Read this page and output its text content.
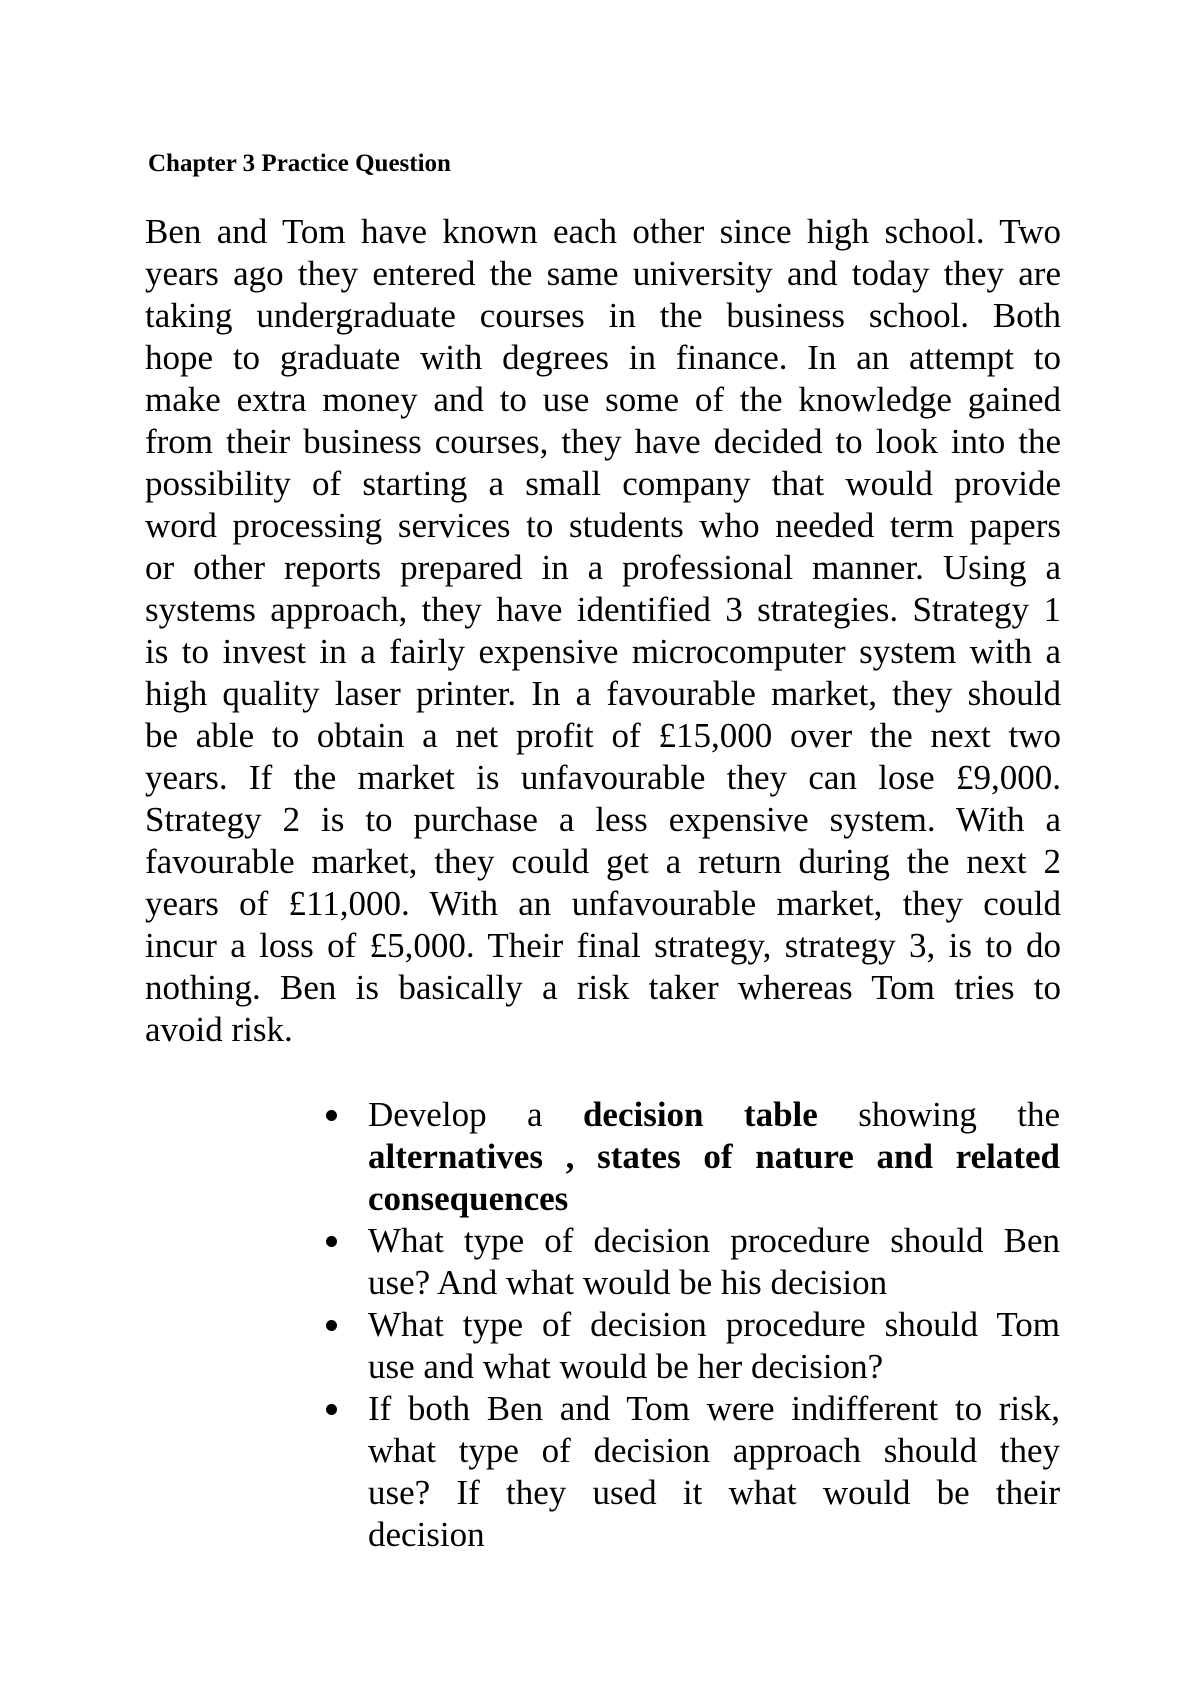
Chapter 3 Practice Question
Ben and Tom have known each other since high school. Two
years ago they entered the same university and today they are
taking undergraduate courses in the business school. Both
hope to graduate with degrees in finance. In an attempt to
make extra money and to use some of the knowledge gained
from their business courses, they have decided to look into the
possibility of starting a small company that would provide
word processing services to students who needed term papers
or other reports prepared in a professional manner. Using a
systems approach, they have identified 3 strategies. Strategy 1
is to invest in a fairly expensive microcomputer system with a
high quality laser printer. In a favourable market, they should
be able to obtain a net profit of £15,000 over the next two
years. If the market is unfavourable they can lose £9,000.
Strategy 2 is to purchase a less expensive system. With a
favourable market, they could get a return during the next 2
years of £11,000. With an unfavourable market, they could
incur a loss of £5,000. Their final strategy, strategy 3, is to do
nothing. Ben is basically a risk taker whereas Tom tries to
avoid risk.
Develop a decision table showing the
alternatives , states of nature and related
consequences
What type of decision procedure should Ben
use? And what would be his decision
What type of decision procedure should Tom
use and what would be her decision?
If both Ben and Tom were indifferent to risk,
what type of decision approach should they
use? If they used it what would be their
decision
